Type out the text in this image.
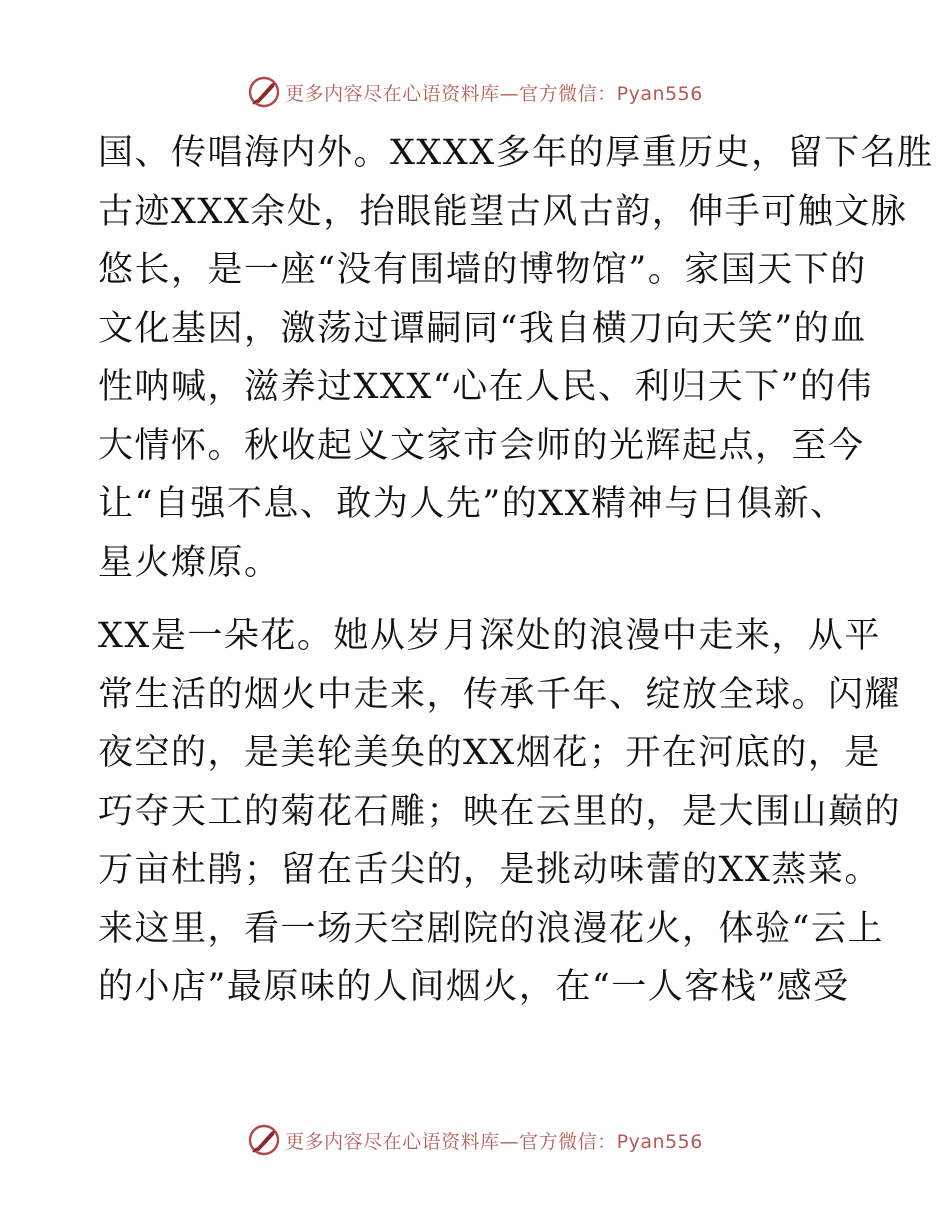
更多内容尽在心语资料库—官方微信：Pyan556
国、传唱海内外。XXXX多年的厚重历史，留下名胜
古迹XXX余处，抬眼能望古风古韵，伸手可触文脉
悠长，是一座“没有围墙的博物馆”。家国天下的
文化基因，激荡过谭嗣同“我自横刀向天笑”的血
性呐喊，滋养过XXX“心在人民、利归天下”的伟
大情怀。秋收起义文家市会师的光辉起点，至今
让“自强不息、敢为人先”的XX精神与日俱新、
星火燎原。
XX是一朵花。她从岁月深处的浪漫中走来，从平
常生活的烟火中走来，传承千年、绽放全球。闪耀
夜空的，是美轮美奂的XX烟花；开在河底的，是
巧夺天工的菊花石雕；映在云里的，是大围山巅的
万亩杜鹃；留在舌尖的，是挑动味蕾的XX蒸菜。
来这里，看一场天空剧院的浪漫花火，体验“云上
的小店”最原味的人间烟火，在“一人客栈”感受
更多内容尽在心语资料库—官方微信：Pyan556
